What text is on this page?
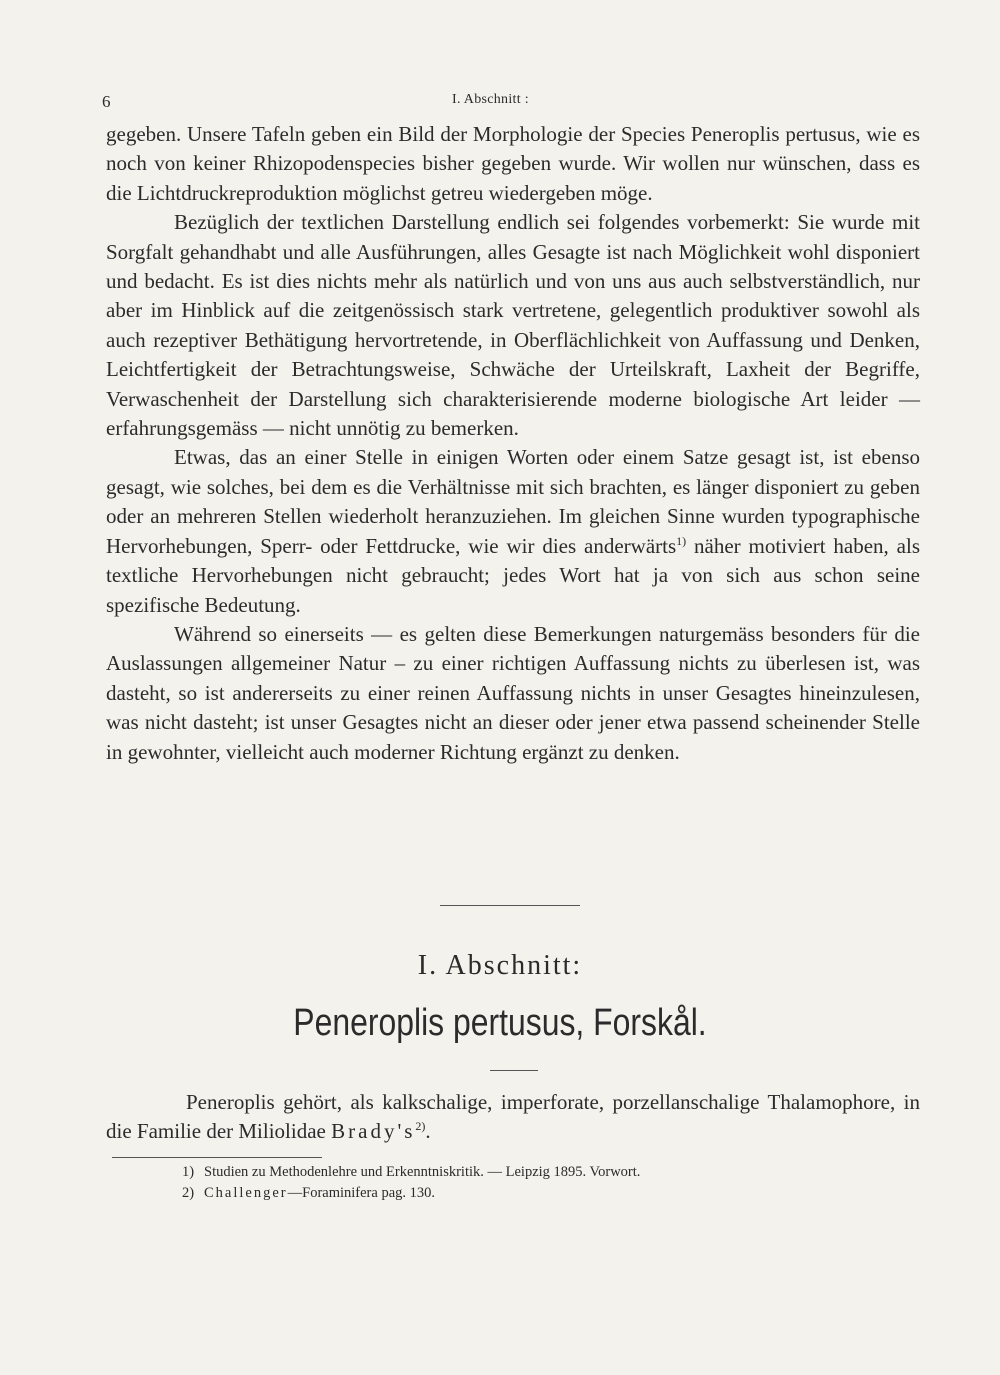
6	I. Abschnitt :

gegeben. Unsere Tafeln geben ein Bild der Morphologie der Species Peneroplis pertusus, wie es noch von keiner Rhizopodenspecies bisher gegeben wurde. Wir wollen nur wünschen, dass es die Lichtdruckreproduktion möglichst getreu wiedergeben möge.

Bezüglich der textlichen Darstellung endlich sei folgendes vorbemerkt: Sie wurde mit Sorgfalt gehandhabt und alle Ausführungen, alles Gesagte ist nach Möglichkeit wohl disponiert und bedacht. Es ist dies nichts mehr als natürlich und von uns aus auch selbstverständlich, nur aber im Hinblick auf die zeitgenössisch stark vertretene, gelegentlich produktiver sowohl als auch rezeptiver Bethätigung hervortretende, in Oberflächlichkeit von Auffassung und Denken, Leichtfertigkeit der Betrachtungsweise, Schwäche der Urteilskraft, Laxheit der Begriffe, Verwaschenheit der Darstellung sich charakterisierende moderne biologische Art leider — erfahrungsgemäss — nicht unnötig zu bemerken.

Etwas, das an einer Stelle in einigen Worten oder einem Satze gesagt ist, ist ebenso gesagt, wie solches, bei dem es die Verhältnisse mit sich brachten, es länger disponiert zu geben oder an mehreren Stellen wiederholt heranzuziehen. Im gleichen Sinne wurden typographische Hervorhebungen, Sperr- oder Fettdrucke, wie wir dies anderwärts$^{1)}$ näher motiviert haben, als textliche Hervorhebungen nicht gebraucht; jedes Wort hat ja von sich aus schon seine spezifische Bedeutung.

Während so einerseits — es gelten diese Bemerkungen naturgemäss besonders für die Auslassungen allgemeiner Natur – zu einer richtigen Auffassung nichts zu überlesen ist, was dasteht, so ist andererseits zu einer reinen Auffassung nichts in unser Gesagtes hineinzulesen, was nicht dasteht; ist unser Gesagtes nicht an dieser oder jener etwa passend scheinender Stelle in gewohnter, vielleicht auch moderner Richtung ergänzt zu denken.

I. Abschnitt:
Peneroplis pertusus, Forskål.

Peneroplis gehört, als kalkschalige, imperforate, porzellanschalige Thalamophore, in die Familie der Miliolidae $Brady's^{2)}$.

1) Studien zu Methodenlehre und Erkenntniskritik. — Leipzig 1895. Vorwort.

2) Challenger—Foraminifera pag. 130.
